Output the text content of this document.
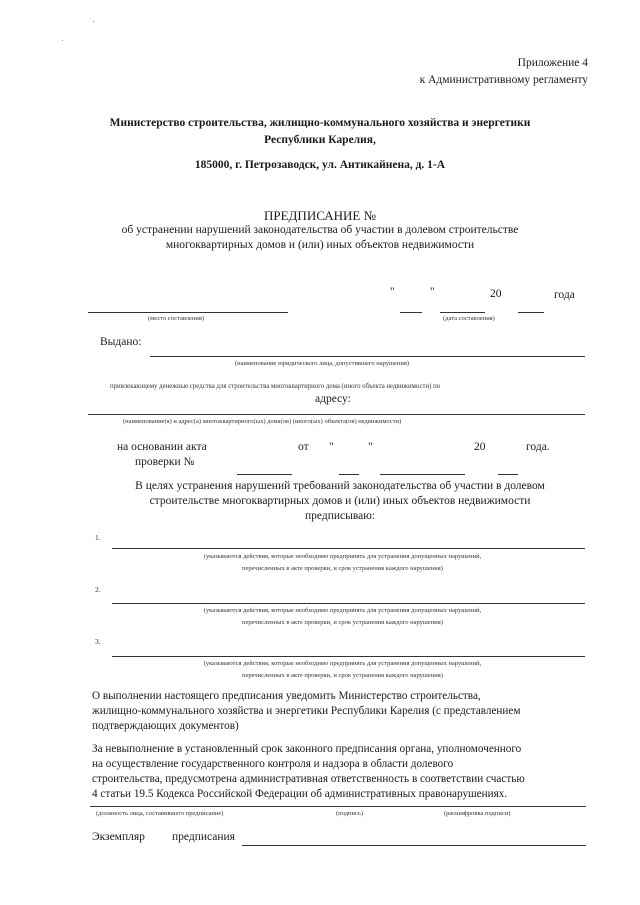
Приложение 4
к Административному регламенту
Министерство строительства, жилищно-коммунального хозяйства и энергетики
Республики Карелия,
185000, г. Петрозаводск, ул. Антикайнена, д. 1-А
ПРЕДПИСАНИЕ №
об устранении нарушений законодательства об участии в долевом строительстве
многоквартирных домов и (или) иных объектов недвижимости
"	"	20	года
(место составления)	(дата составления)
Выдано:
(наименование юридического лица, допустившего нарушения)
привлекающему денежные средства для строительства многоквартирного дома (иного объекта недвижимости) по
адресу:
(наименование(я) и адрес(а) многоквартирного(ых) дома(ов) (иного(ых) объекта(ов) недвижимости)
на основании акта
проверки №
от "	"	20	года.
В целях устранения нарушений требований законодательства об участии в долевом
строительстве многоквартирных домов и (или) иных объектов недвижимости
предписываю:
1.
(указываются действия, которые необходимо предпринять для устранения допущенных нарушений,
перечисленных в акте проверки, и срок устранения каждого нарушения)
2.
(указываются действия, которые необходимо предпринять для устранения допущенных нарушений,
перечисленных в акте проверки, и срок устранения каждого нарушения)
3.
(указываются действия, которые необходимо предпринять для устранения допущенных нарушений,
перечисленных в акте проверки, и срок устранения каждого нарушения)
О выполнении настоящего предписания уведомить Министерство строительства,
жилищно-коммунального хозяйства и энергетики Республики Карелия (с представлением
подтверждающих документов)
За невыполнение в установленный срок законного предписания органа, уполномоченного
на осуществление государственного контроля и надзора в области долевого
строительства, предусмотрена административная ответственность в соответствии счастью
4 статьи 19.5 Кодекса Российской Федерации об административных правонарушениях.
(должность лица, составившего предписание)	(подпись)	(расшифровка подписи)
Экземпляр предписания
